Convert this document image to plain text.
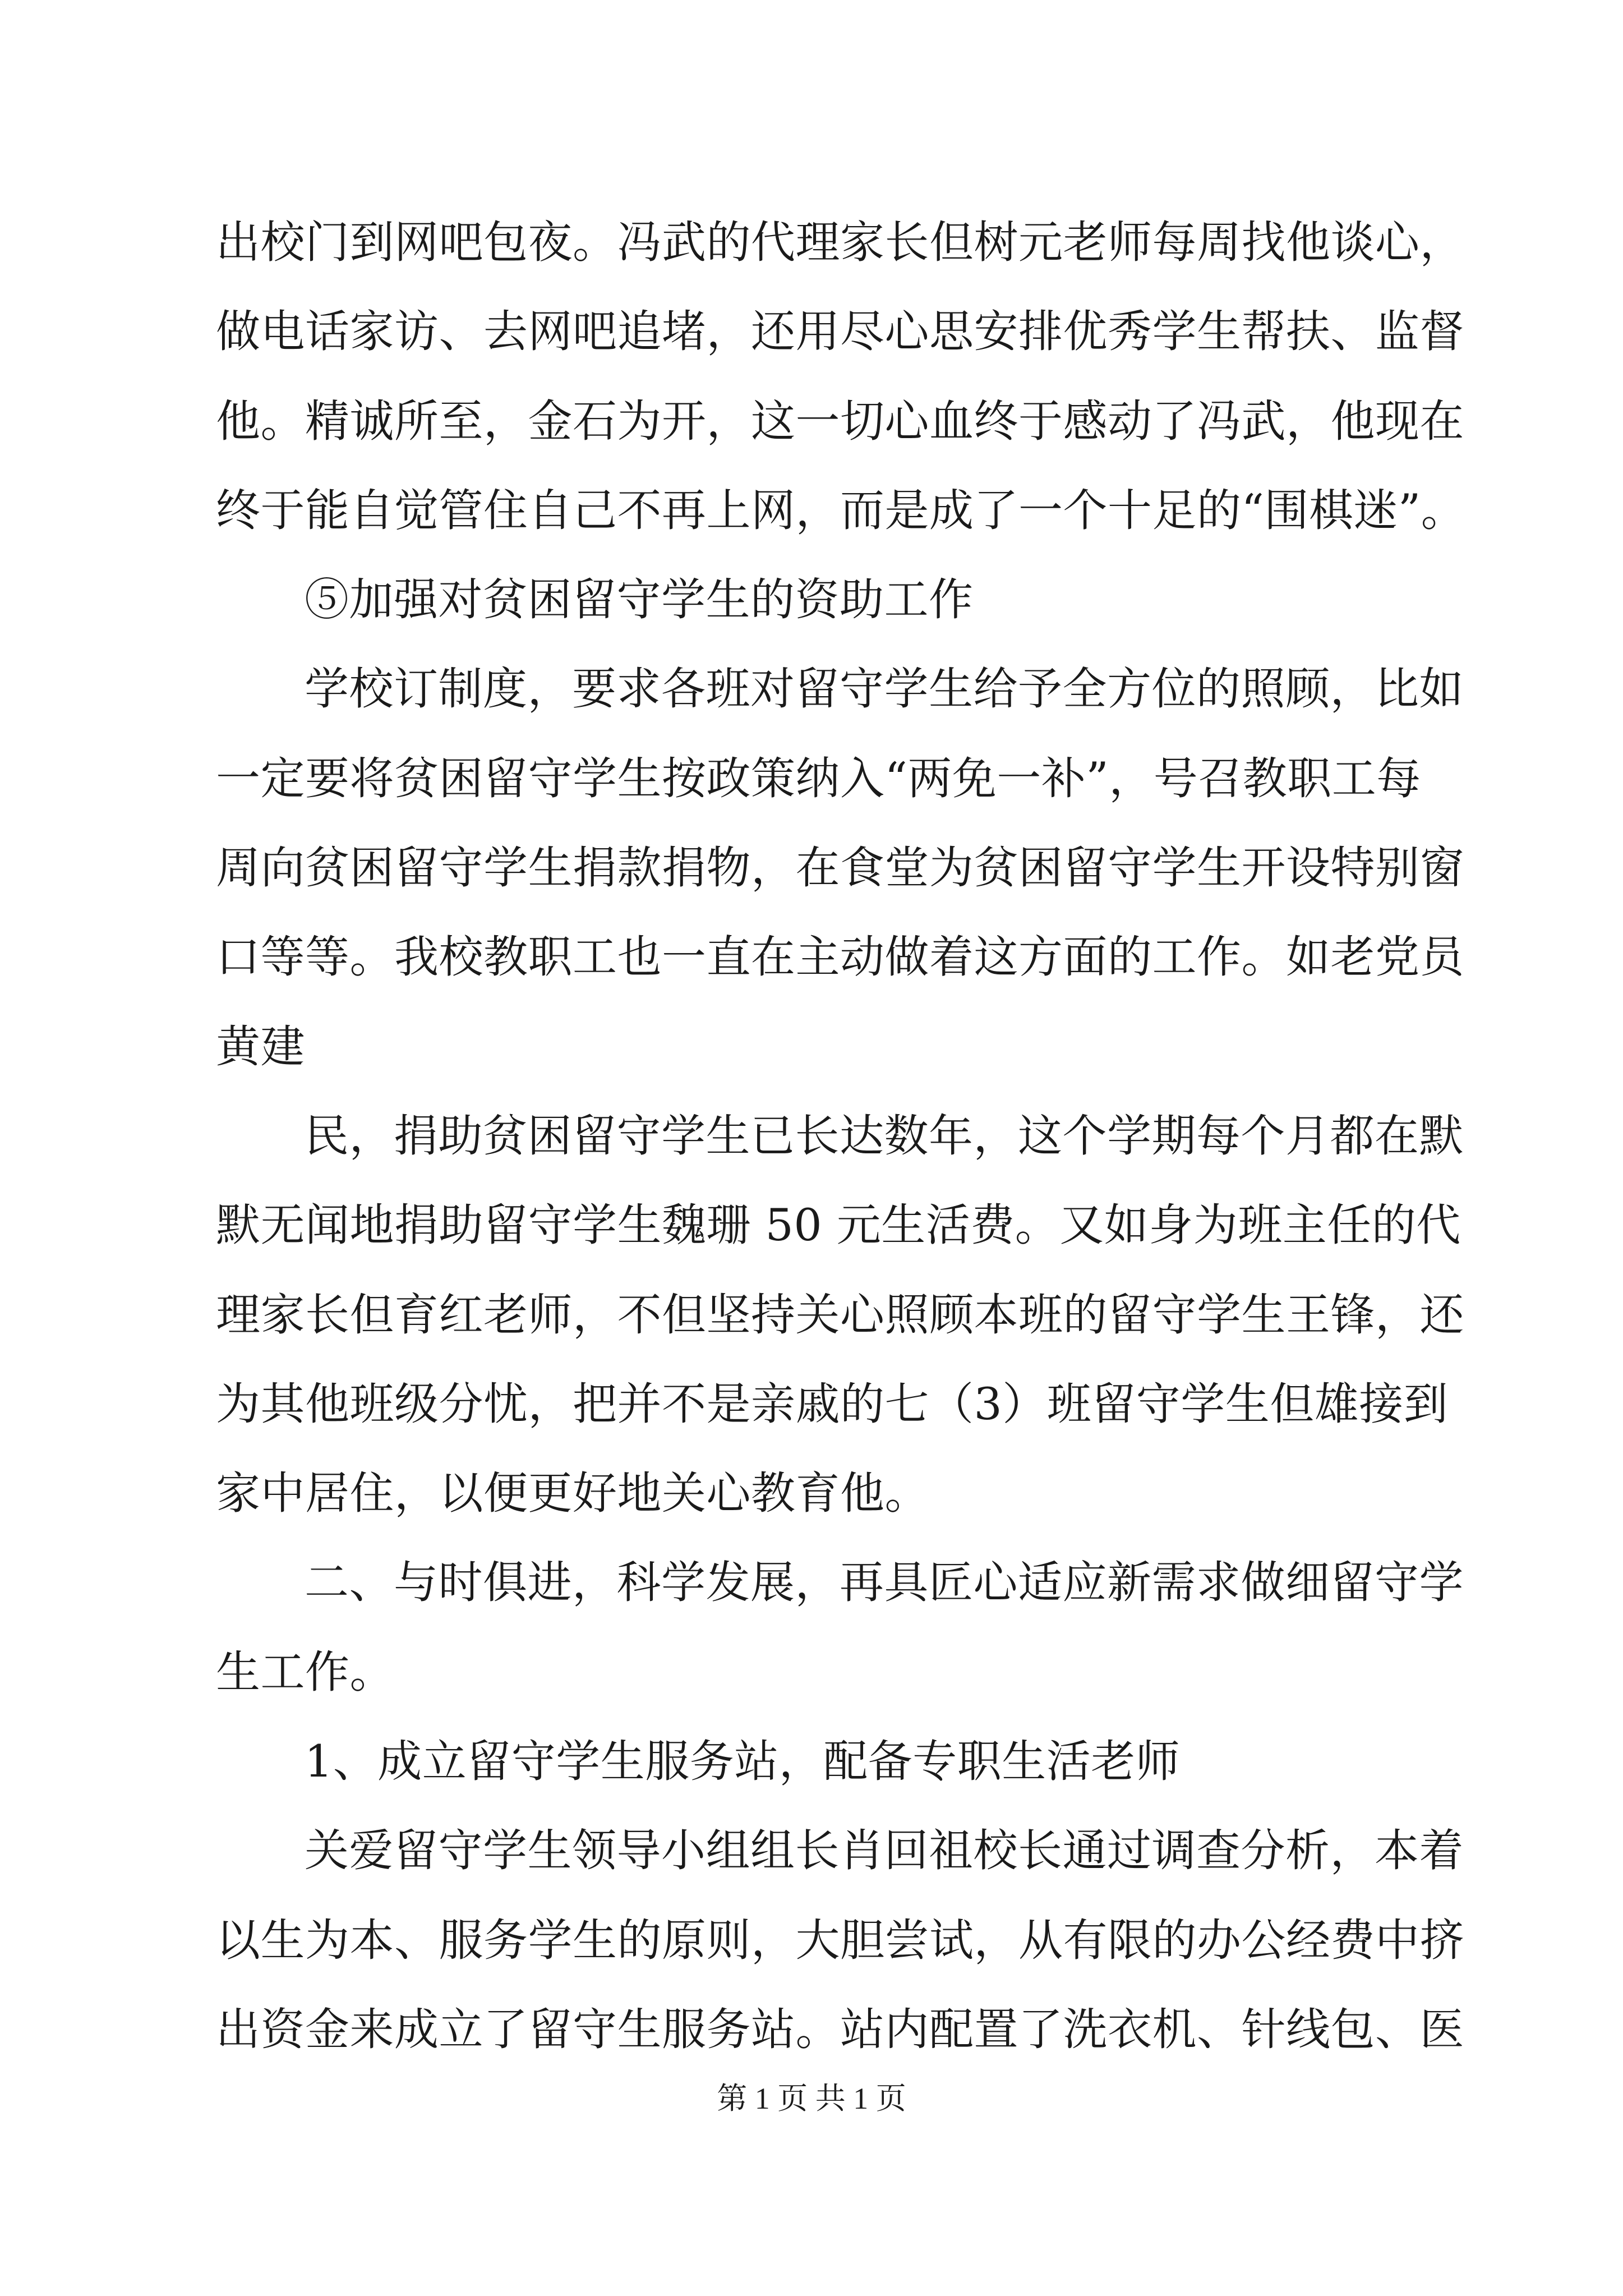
出校门到网吧包夜。冯武的代理家长但树元老师每周找他谈心，
做电话家访、去网吧追堵，还用尽心思安排优秀学生帮扶、监督
他。精诚所至，金石为开，这一切心血终于感动了冯武，他现在
终于能自觉管住自己不再上网，而是成了一个十足的“围棋迷”。
⑤加强对贫困留守学生的资助工作
学校订制度，要求各班对留守学生给予全方位的照顾，比如
一定要将贫困留守学生按政策纳入“两免一补”，号召教职工每
周向贫困留守学生捐款捐物，在食堂为贫困留守学生开设特别窗
口等等。我校教职工也一直在主动做着这方面的工作。如老党员
黄建
民，捐助贫困留守学生已长达数年，这个学期每个月都在默
默无闻地捐助留守学生魏珊 50 元生活费。又如身为班主任的代
理家长但育红老师，不但坚持关心照顾本班的留守学生王锋，还
为其他班级分忧，把并不是亲戚的七（3）班留守学生但雄接到
家中居住，以便更好地关心教育他。
二、与时俱进，科学发展，再具匠心适应新需求做细留守学
生工作。
1、成立留守学生服务站，配备专职生活老师
关爱留守学生领导小组组长肖回祖校长通过调查分析，本着
以生为本、服务学生的原则，大胆尝试，从有限的办公经费中挤
出资金来成立了留守生服务站。站内配置了洗衣机、针线包、医
第 1 页 共 1 页
